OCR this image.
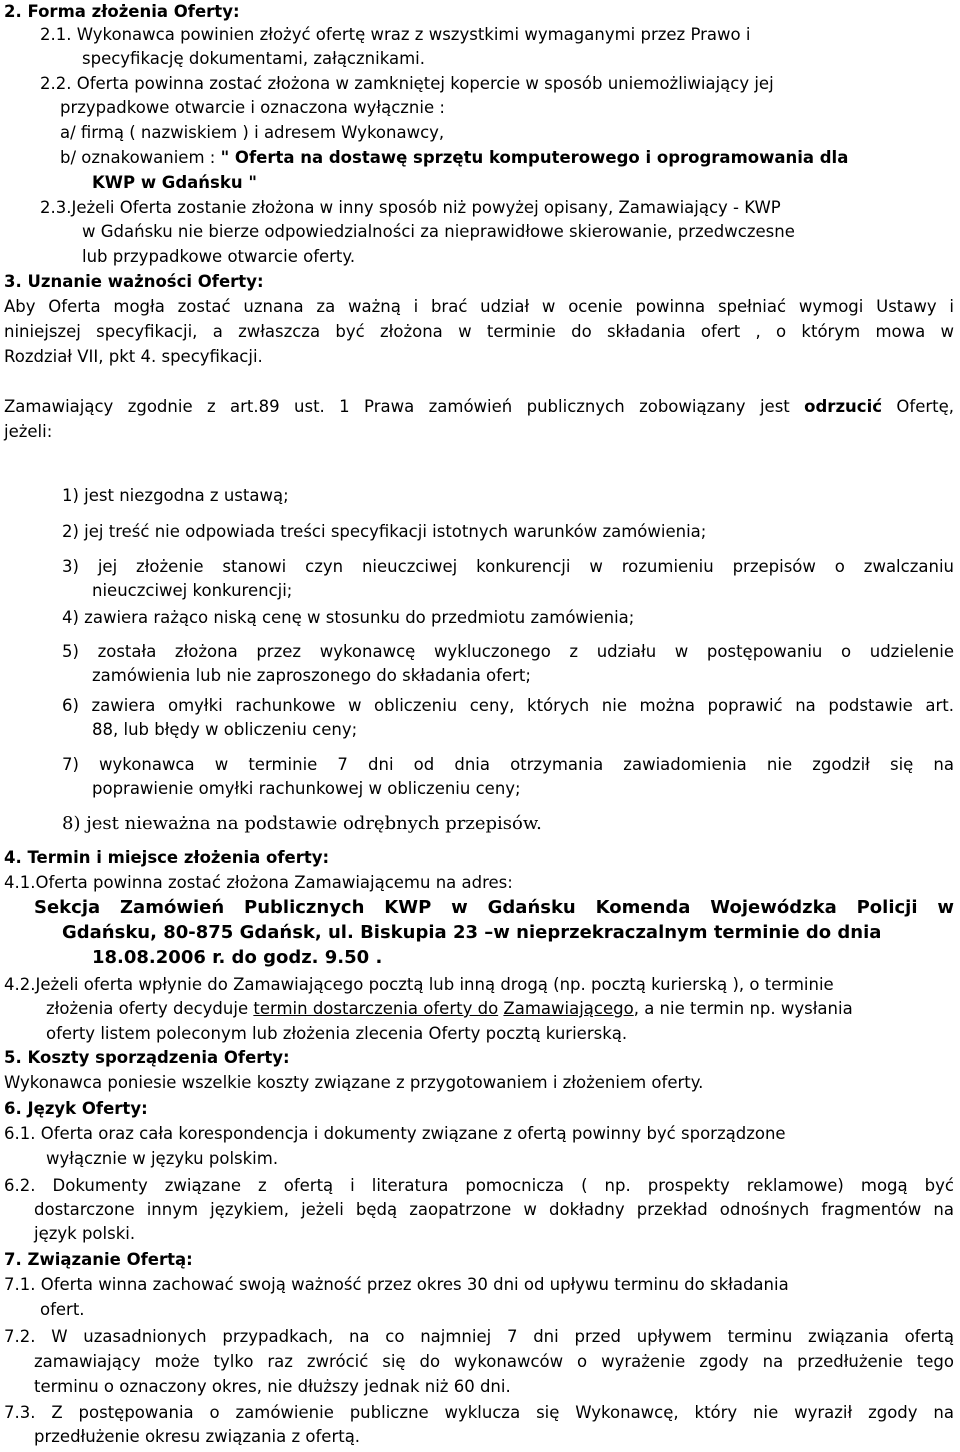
2. Forma złożenia Oferty:
2.1. Wykonawca powinien złożyć ofertę wraz z wszystkimi wymaganymi przez Prawo i
specyfikację dokumentami, załącznikami.
2.2. Oferta powinna zostać złożona w zamkniętej kopercie w sposób uniemożliwiający jej
przypadkowe otwarcie i oznaczona wyłącznie :
a/ firmą ( nazwiskiem ) i adresem Wykonawcy,
b/ oznakowaniem : " Oferta na dostawę sprzętu komputerowego i oprogramowania dla
KWP w Gdańsku "
2.3.Jeżeli Oferta zostanie złożona w inny sposób niż powyżej opisany, Zamawiający - KWP
w Gdańsku nie bierze odpowiedzialności za nieprawidłowe skierowanie, przedwczesne
lub przypadkowe otwarcie oferty.
3. Uznanie ważności Oferty:
Aby Oferta mogła zostać uznana za ważną i brać udział w ocenie powinna spełniać wymogi Ustawy i
niniejszej specyfikacji, a zwłaszcza być złożona w terminie do składania ofert , o którym mowa w
Rozdział VII, pkt 4. specyfikacji.
Zamawiający zgodnie z art.89 ust. 1 Prawa zamówień publicznych zobowiązany jest odrzucić Ofertę,
jeżeli:
1) jest niezgodna z ustawą;
2) jej treść nie odpowiada treści specyfikacji istotnych warunków zamówienia;
3) jej złożenie stanowi czyn nieuczciwej konkurencji w rozumieniu przepisów o zwalczaniu
nieuczciwej konkurencji;
4) zawiera rażąco niską cenę w stosunku do przedmiotu zamówienia;
5) została złożona przez wykonawcę wykluczonego z udziału w postępowaniu o udzielenie
zamówienia lub nie zaproszonego do składania ofert;
6) zawiera omyłki rachunkowe w obliczeniu ceny, których nie można poprawić na podstawie art.
88, lub błędy w obliczeniu ceny;
7) wykonawca w terminie 7 dni od dnia otrzymania zawiadomienia nie zgodził się na
poprawienie omyłki rachunkowej w obliczeniu ceny;
8) jest nieważna na podstawie odrębnych przepisów.
4. Termin i miejsce złożenia oferty:
4.1.Oferta powinna zostać złożona Zamawiającemu na adres:
Sekcja Zamówień Publicznych KWP w Gdańsku Komenda Wojewódzka Policji w
Gdańsku, 80-875 Gdańsk, ul. Biskupia 23 –w nieprzekraczalnym terminie do dnia
18.08.2006 r. do godz. 9.50 .
4.2.Jeżeli oferta wpłynie do Zamawiającego pocztą lub inną drogą (np. pocztą kurierską ), o terminie
złożenia oferty decyduje termin dostarczenia oferty do Zamawiającego, a nie termin np. wysłania
oferty listem poleconym lub złożenia zlecenia Oferty pocztą kurierską.
5. Koszty sporządzenia Oferty:
Wykonawca poniesie wszelkie koszty związane z przygotowaniem i złożeniem oferty.
6. Język Oferty:
6.1. Oferta oraz cała korespondencja i dokumenty związane z ofertą powinny być sporządzone
wyłącznie w języku polskim.
6.2. Dokumenty związane z ofertą i literatura pomocnicza ( np. prospekty reklamowe) mogą być
dostarczone innym językiem, jeżeli będą zaopatrzone w dokładny przekład odnośnych fragmentów na
język polski.
7. Związanie Ofertą:
7.1. Oferta winna zachować swoją ważność przez okres 30 dni od upływu terminu do składania
ofert.
7.2. W uzasadnionych przypadkach, na co najmniej 7 dni przed upływem terminu związania ofertą
zamawiający może tylko raz zwrócić się do wykonawców o wyrażenie zgody na przedłużenie tego
terminu o oznaczony okres, nie dłuższy jednak niż 60 dni.
7.3. Z postępowania o zamówienie publiczne wyklucza się Wykonawcę, który nie wyraził zgody na
przedłużenie okresu związania z ofertą.
